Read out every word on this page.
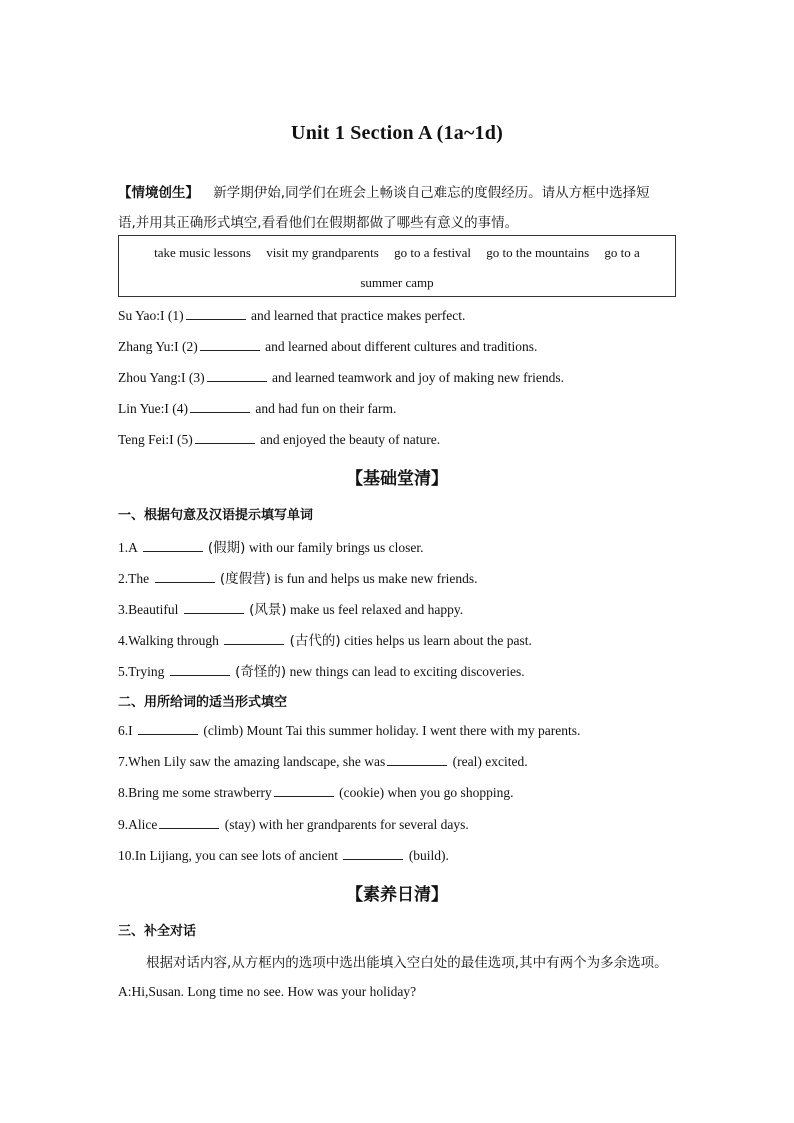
Unit 1 Section A (1a~1d)
【情境创生】 新学期伊始,同学们在班会上畅谈自己难忘的度假经历。请从方框中选择短
语,并用其正确形式填空,看看他们在假期都做了哪些有意义的事情。
take music lessons visit my grandparents go to a festival go to the mountains go to a
summer camp
Su Yao:I (1)	and learned that practice makes perfect.
Zhang Yu:I (2)	and learned about different cultures and traditions.
Zhou Yang:I (3)	and learned teamwork and joy of making new friends.
Lin Yue:I (4)	and had fun on their farm.
Teng Fei:I (5)	and enjoyed the beauty of nature.
【基础堂清】
一、根据句意及汉语提示填写单词
1.A	(假期) with our family brings us closer.
2.The	(度假营) is fun and helps us make new friends.
3.Beautiful	(风景) make us feel relaxed and happy.
4.Walking through	(古代的) cities helps us learn about the past.
5.Trying	(奇怪的) new things can lead to exciting discoveries.
二、用所给词的适当形式填空
6.I	(climb) Mount Tai this summer holiday. I went there with my parents.
7.When Lily saw the amazing landscape, she was	(real) excited.
8.Bring me some strawberry	(cookie) when you go shopping.
9.Alice	(stay) with her grandparents for several days.
10.In Lijiang, you can see lots of ancient	(build).
【素养日清】
三、补全对话
根据对话内容,从方框内的选项中选出能填入空白处的最佳选项,其中有两个为多余选项。
A:Hi,Susan. Long time no see. How was your holiday?
